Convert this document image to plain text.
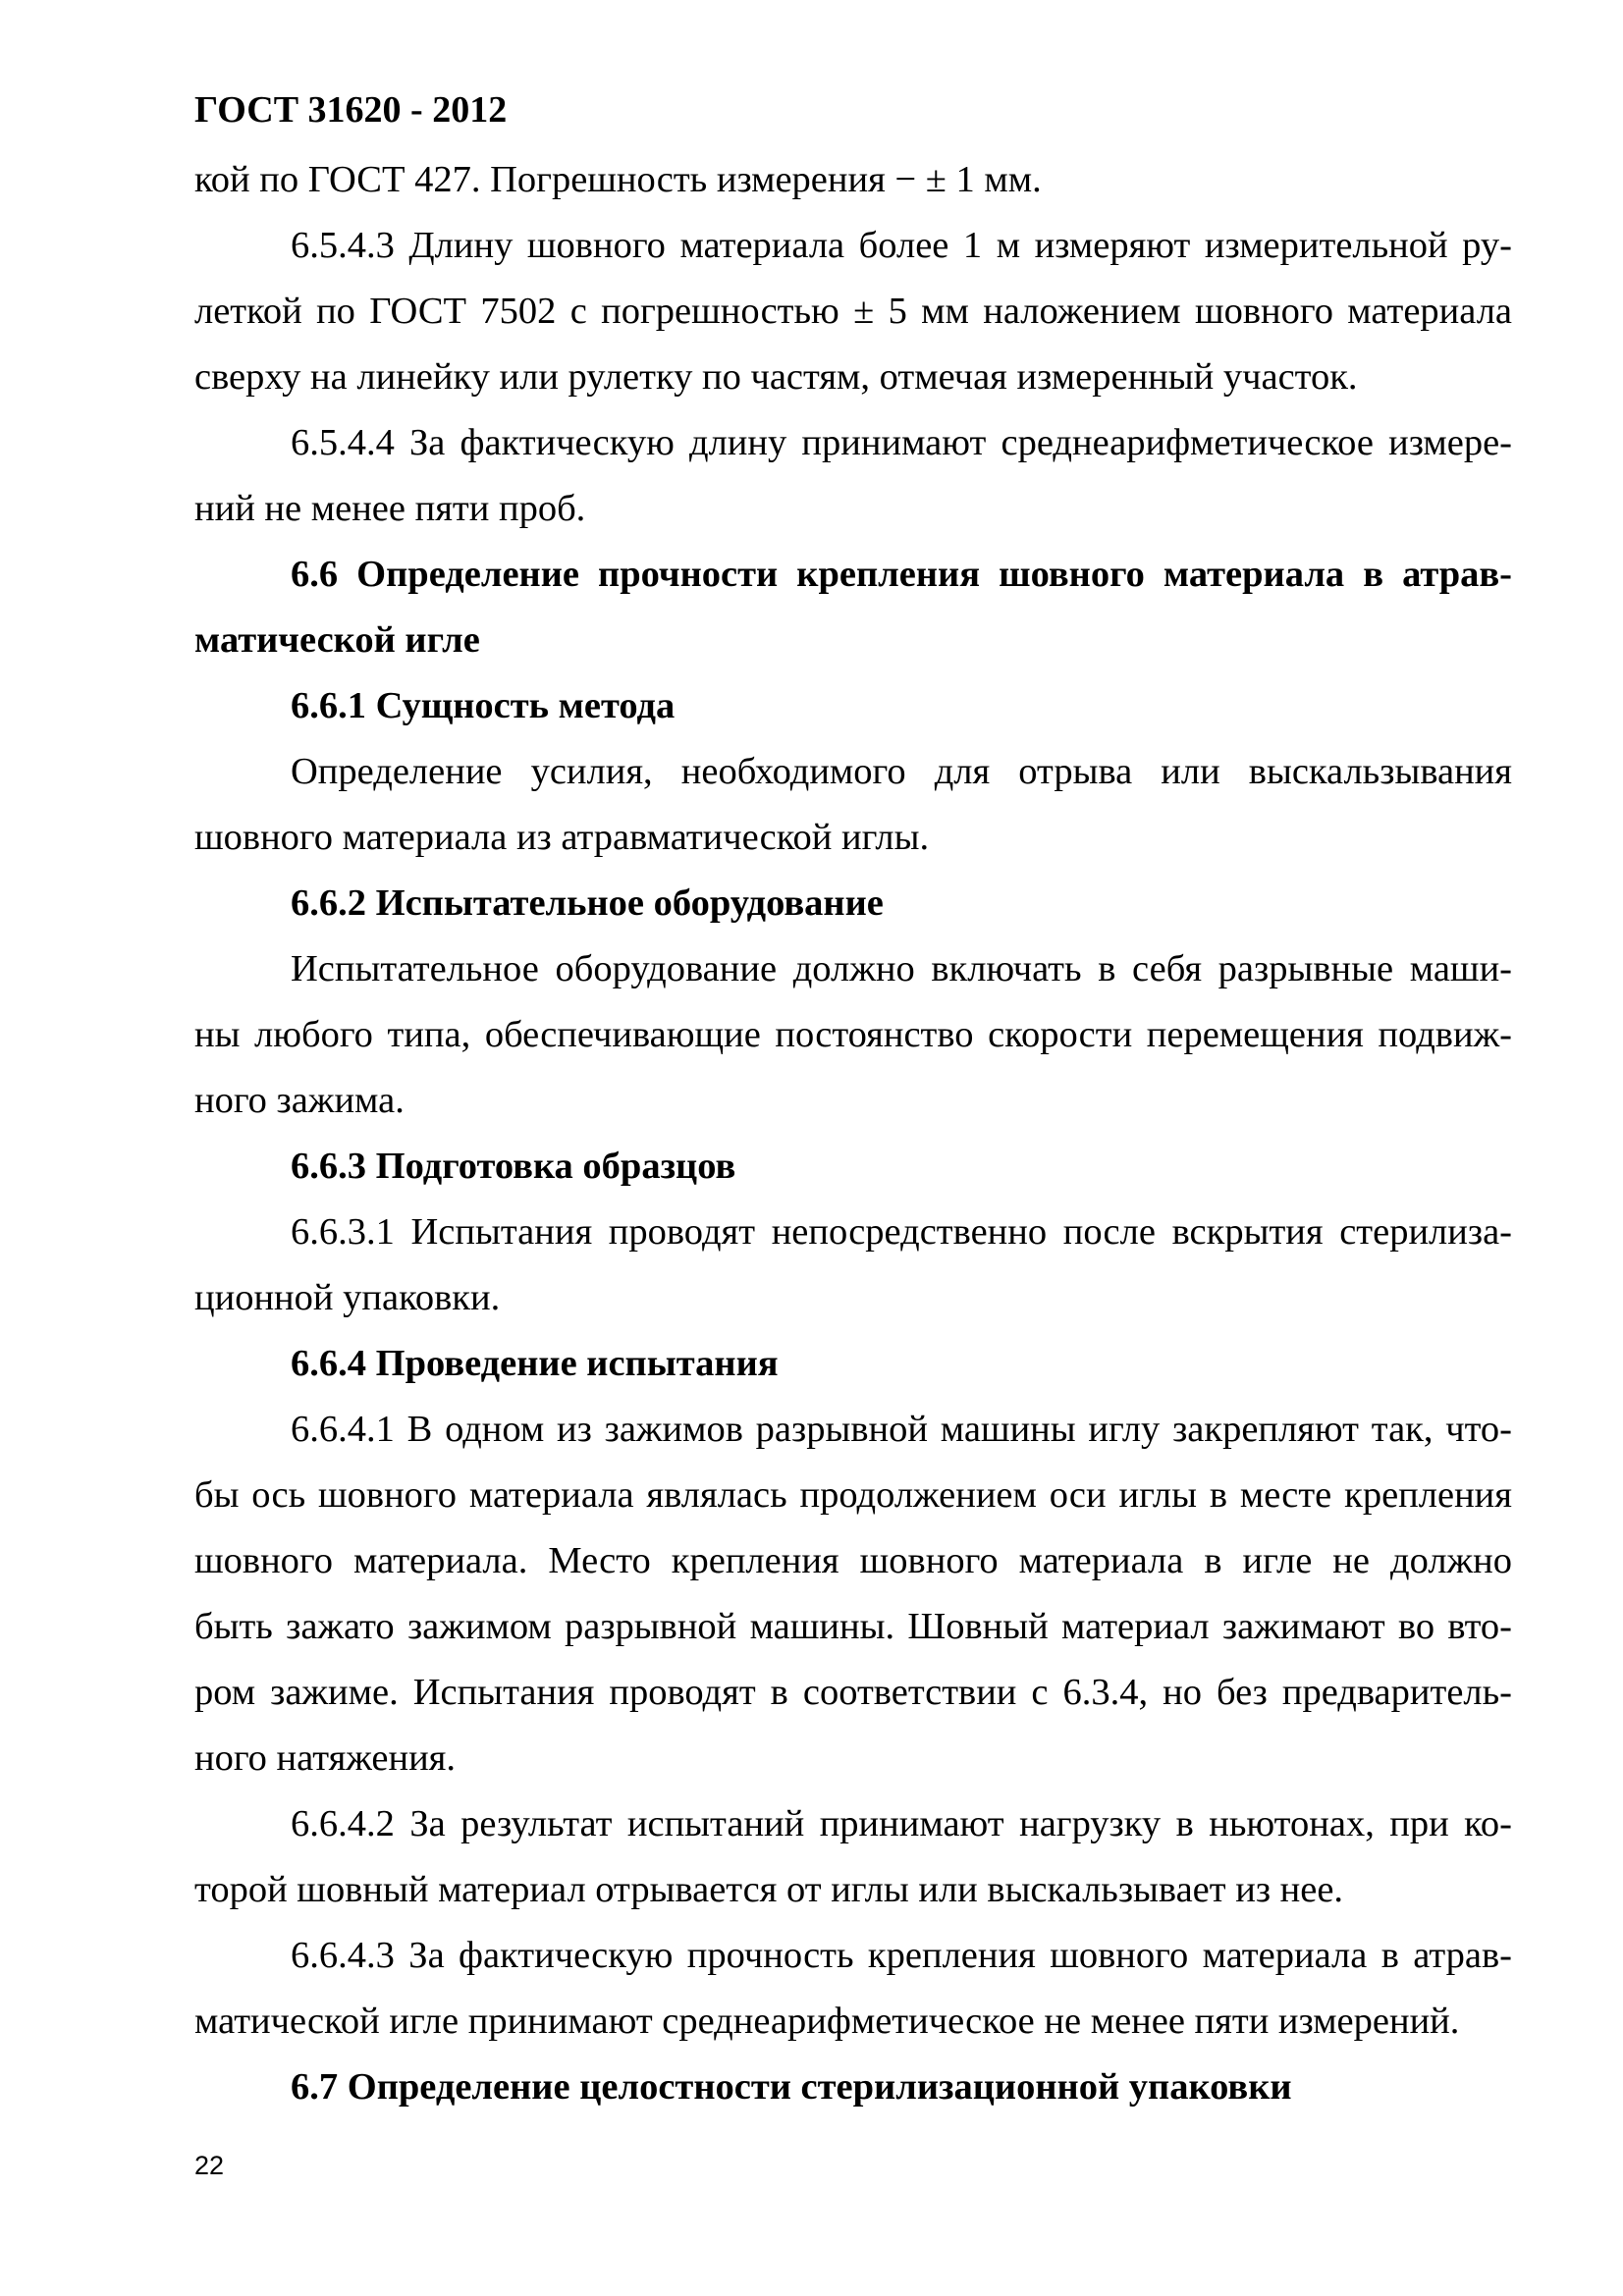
ГОСТ 31620 - 2012

кой по ГОСТ 427. Погрешность измерения − ± 1 мм.

6.5.4.3 Длину шовного материала более 1 м измеряют измерительной ру-

леткой по ГОСТ 7502 с погрешностью ± 5 мм наложением шовного материала

сверху на линейку или рулетку по частям, отмечая измеренный участок.

6.5.4.4 За фактическую длину принимают среднеарифметическое измере-

ний не менее пяти проб.

6.6 Определение прочности крепления шовного материала в атрав-

матической игле

6.6.1 Сущность метода

Определение усилия, необходимого для отрыва или выскальзывания

шовного материала из атравматической иглы.

6.6.2 Испытательное оборудование

Испытательное оборудование должно включать в себя разрывные маши-

ны любого типа, обеспечивающие постоянство скорости перемещения подвиж-

ного зажима.

6.6.3 Подготовка образцов

6.6.3.1 Испытания проводят непосредственно после вскрытия стерилиза-

ционной упаковки.

6.6.4 Проведение испытания

6.6.4.1 В одном из зажимов разрывной машины иглу закрепляют так, что-

бы ось шовного материала являлась продолжением оси иглы в месте крепления

шовного материала. Место крепления шовного материала в игле не должно

быть зажато зажимом разрывной машины. Шовный материал зажимают во вто-

ром зажиме. Испытания проводят в соответствии с 6.3.4, но без предваритель-

ного натяжения.

6.6.4.2 За результат испытаний принимают нагрузку в ньютонах, при ко-

торой шовный материал отрывается от иглы или выскальзывает из нее.

6.6.4.3 За фактическую прочность крепления шовного материала в атрав-

матической игле принимают среднеарифметическое не менее пяти измерений.

6.7 Определение целостности стерилизационной упаковки

22
